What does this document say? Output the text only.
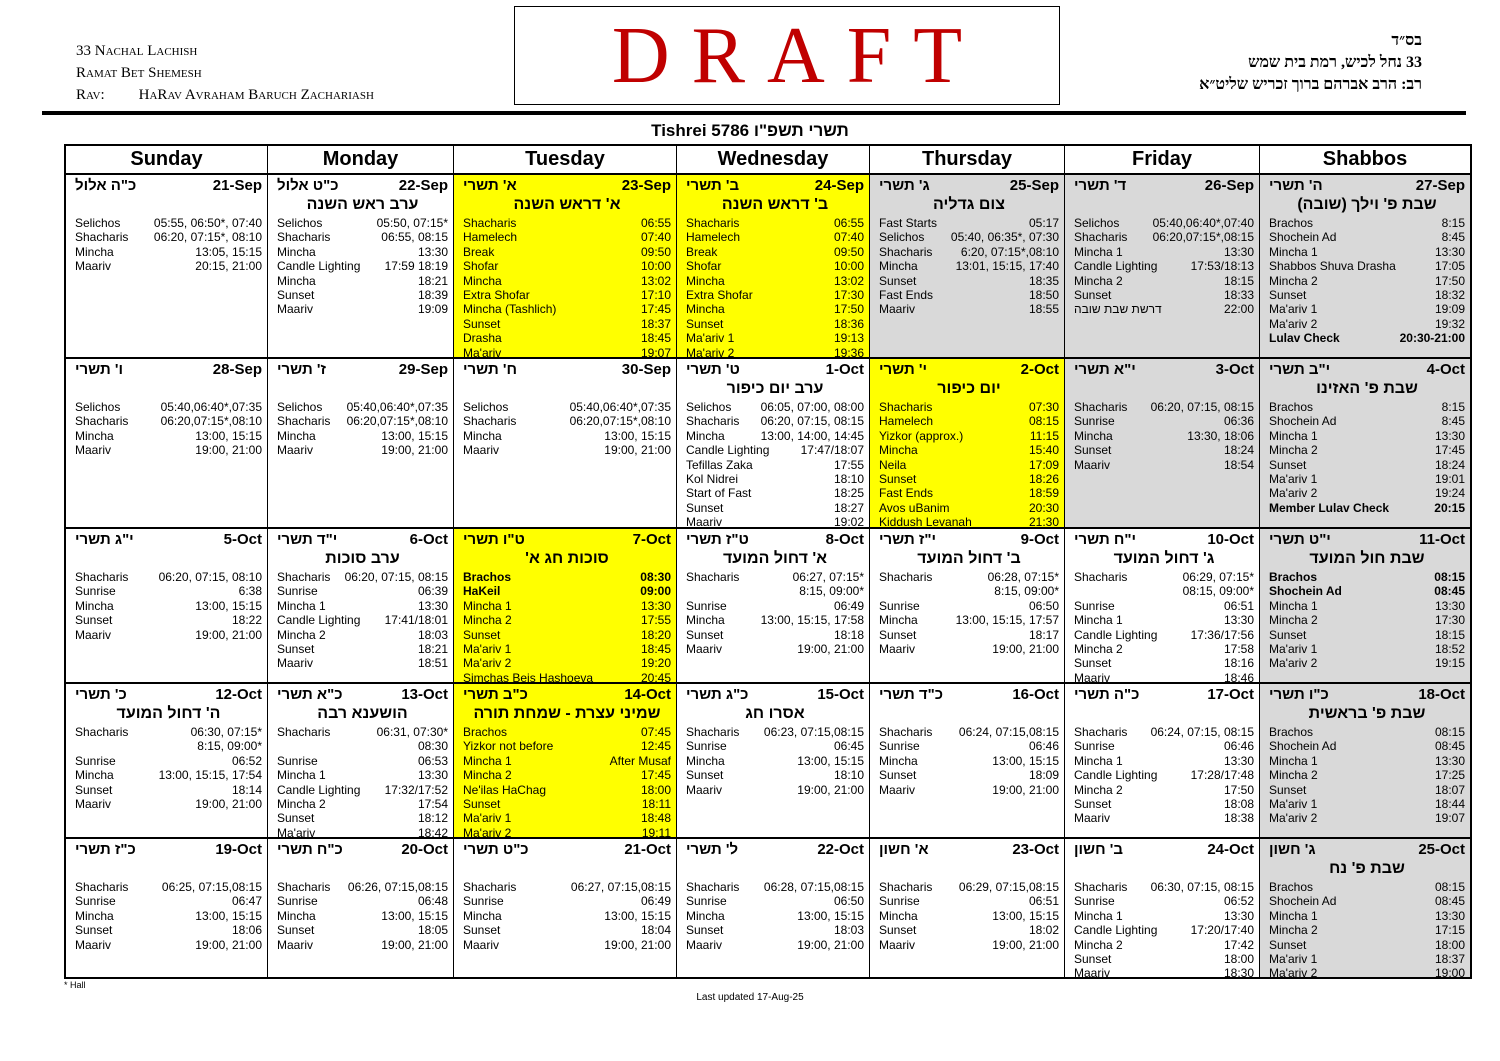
33 Nachal Lachish
Ramat Bet Shemesh
Rav: HaRav Avraham Baruch Zachariash	DRAFT	בס״ד
33 נחל לכיש, רמת בית שמש
רב: הרב אברהם ברוך זכריש שליט״א
Tishrei 5786 תשרי תשפ"ו
Sunday	Monday	Tuesday	Wednesday	Thursday	Friday	Shabbos
כ"ה אלול	21-Sep
Selichos	05:55, 06:50*, 07:40
Shacharis 06:20, 07:15*, 08:10
Mincha	13:05, 15:15
Maariv	20:15, 21:00
כ"ט אלול	22-Sep
ערב ראש השנה
Selichos	05:50, 07:15*
Shacharis	06:55, 08:15
Mincha	13:30
Candle Lighting 17:59 18:19
Mincha	18:21
Sunset	18:39
Maariv	19:09
א' תשרי	23-Sep
א' דראש השנה
Shacharis	06:55
Hamelech	07:40
Break	09:50
Shofar	10:00
Mincha	13:02
Extra Shofar	17:10
Mincha (Tashlich)	17:45
Sunset	18:37
Drasha	18:45
Ma'ariv	19:07
ב' תשרי	24-Sep
ב' דראש השנה
Shacharis	06:55
Hamelech	07:40
Break	09:50
Shofar	10:00
Mincha	13:02
Extra Shofar	17:30
Mincha	17:50
Sunset	18:36
Ma'ariv 1	19:13
Ma'ariv 2	19:36
ג' תשרי	25-Sep
צום גדליה
Fast Starts	05:17
Selichos 05:40, 06:35*, 07:30
Shacharis 6:20, 07:15*,08:10
Mincha	13:01, 15:15, 17:40
Sunset	18:35
Fast Ends	18:50
Maariv	18:55
ד' תשרי	26-Sep
Selichos	05:40,06:40*,07:40
Shacharis 06:20,07:15*,08:15
Mincha 1	13:30
Candle Lighting	17:53/18:13
Mincha 2	18:15
Sunset	18:33
דרשת שבת שובה	22:00
ה' תשרי	27-Sep
שבת פ' וילך (שובה)
Brachos	8:15
Shochein Ad	8:45
Mincha 1	13:30
Shabbos Shuva Drasha	17:05
Mincha 2	17:50
Sunset	18:32
Ma'ariv 1	19:09
Ma'ariv 2	19:32
Lulav Check	20:30-21:00
ו' תשרי	28-Sep
Selichos	05:40,06:40*,07:35
Shacharis	06:20,07:15*,08:10
Mincha	13:00, 15:15
Maariv	19:00, 21:00
ז' תשרי	29-Sep
Selichos 05:40,06:40*,07:35
Shacharis 06:20,07:15*,08:10
Mincha	13:00, 15:15
Maariv	19:00, 21:00
ח' תשרי	30-Sep
Selichos	05:40,06:40*,07:35
Shacharis	06:20,07:15*,08:10
Mincha	13:00, 15:15
Maariv	19:00, 21:00
ט' תשרי	1-Oct
ערב יום כיפור
Selichos 06:05, 07:00, 08:00
Shacharis 06:20, 07:15, 08:15
Mincha	13:00, 14:00, 14:45
Candle Lighting	17:47/18:07
Tefillas Zaka	17:55
Kol Nidrei	18:10
Start of Fast	18:25
Sunset	18:27
Maariv	19:02
י' תשרי	2-Oct
יום כיפור
Shacharis	07:30
Hamelech	08:15
Yizkor (approx.)	11:15
Mincha	15:40
Neila	17:09
Sunset	18:26
Fast Ends	18:59
Avos uBanim	20:30
Kiddush Levanah	21:30
י"א תשרי	3-Oct
Shacharis 06:20, 07:15, 08:15
Sunrise	06:36
Mincha	13:30, 18:06
Sunset	18:24
Maariv	18:54
י"ב תשרי	4-Oct
שבת פ' האזינו
Brachos	8:15
Shochein Ad	8:45
Mincha 1	13:30
Mincha 2	17:45
Sunset	18:24
Ma'ariv 1	19:01
Ma'ariv 2	19:24
Member Lulav Check	20:15
י"ג תשרי	5-Oct
Shacharis	06:20, 07:15, 08:10
Sunrise	6:38
Mincha	13:00, 15:15
Sunset	18:22
Maariv	19:00, 21:00
י"ד תשרי	6-Oct
ערב סוכות
Shacharis 06:20, 07:15, 08:15
Sunrise	06:39
Mincha 1	13:30
Candle Lighting 17:41/18:01
Mincha 2	18:03
Sunset	18:21
Maariv	18:51
ט"ו תשרי	7-Oct
סוכות חג א'
Brachos	08:30
HaKeil	09:00
Mincha 1	13:30
Mincha 2	17:55
Sunset	18:20
Ma'ariv 1	18:45
Ma'ariv 2	19:20
Simchas Beis Hashoeva	20:45
ט"ז תשרי	8-Oct
א' דחול המועד
Shacharis	06:27, 07:15*
8:15, 09:00*
Sunrise	06:49
Mincha	13:00, 15:15, 17:58
Sunset	18:18
Maariv	19:00, 21:00
י"ז תשרי	9-Oct
ב' דחול המועד
Shacharis	06:28, 07:15*
8:15, 09:00*
Sunrise	06:50
Mincha	13:00, 15:15, 17:57
Sunset	18:17
Maariv	19:00, 21:00
י"ח תשרי	10-Oct
ג' דחול המועד
Shacharis	06:29, 07:15*
08:15, 09:00*
Sunrise	06:51
Mincha 1	13:30
Candle Lighting	17:36/17:56
Mincha 2	17:58
Sunset	18:16
Maariv	18:46
י"ט תשרי	11-Oct
שבת חול המועד
Brachos	08:15
Shochein Ad	08:45
Mincha 1	13:30
Mincha 2	17:30
Sunset	18:15
Ma'ariv 1	18:52
Ma'ariv 2	19:15
כ' תשרי	12-Oct
ה' דחול המועד
Shacharis	06:30, 07:15*
8:15, 09:00*
Sunrise	06:52
Mincha	13:00, 15:15, 17:54
Sunset	18:14
Maariv	19:00, 21:00
כ"א תשרי	13-Oct
הושענא רבה
Shacharis	06:31, 07:30*
08:30
Sunrise	06:53
Mincha 1	13:30
Candle Lighting 17:32/17:52
Mincha 2	17:54
Sunset	18:12
Ma'ariv	18:42
כ"ב תשרי	14-Oct
שמיני עצרת - שמחת תורה
Brachos	07:45
Yizkor not before	12:45
Mincha 1	After Musaf
Mincha 2	17:45
Ne'ilas HaChag	18:00
Sunset	18:11
Ma'ariv 1	18:48
Ma'ariv 2	19:11
כ"ג תשרי	15-Oct
אסרו חג
Shacharis 06:23, 07:15,08:15
Sunrise	06:45
Mincha	13:00, 15:15
Sunset	18:10
Maariv	19:00, 21:00
כ"ד תשרי	16-Oct
Shacharis 06:24, 07:15,08:15
Sunrise	06:46
Mincha	13:00, 15:15
Sunset	18:09
Maariv	19:00, 21:00
כ"ה תשרי	17-Oct
Shacharis 06:24, 07:15, 08:15
Sunrise	06:46
Mincha 1	13:30
Candle Lighting	17:28/17:48
Mincha 2	17:50
Sunset	18:08
Maariv	18:38
כ"ו תשרי	18-Oct
שבת פ' בראשית
Brachos	08:15
Shochein Ad	08:45
Mincha 1	13:30
Mincha 2	17:25
Sunset	18:07
Ma'ariv 1	18:44
Ma'ariv 2	19:07
כ"ז תשרי	19-Oct
Shacharis	06:25, 07:15,08:15
Sunrise	06:47
Mincha	13:00, 15:15
Sunset	18:06
Maariv	19:00, 21:00
כ"ח תשרי	20-Oct
Shacharis 06:26, 07:15,08:15
Sunrise	06:48
Mincha	13:00, 15:15
Sunset	18:05
Maariv	19:00, 21:00
כ"ט תשרי	21-Oct
Shacharis	06:27, 07:15,08:15
Sunrise	06:49
Mincha	13:00, 15:15
Sunset	18:04
Maariv	19:00, 21:00
ל' תשרי	22-Oct
Shacharis 06:28, 07:15,08:15
Sunrise	06:50
Mincha	13:00, 15:15
Sunset	18:03
Maariv	19:00, 21:00
א' חשון	23-Oct
Shacharis 06:29, 07:15,08:15
Sunrise	06:51
Mincha	13:00, 15:15
Sunset	18:02
Maariv	19:00, 21:00
ב' חשון	24-Oct
Shacharis 06:30, 07:15, 08:15
Sunrise	06:52
Mincha 1	13:30
Candle Lighting	17:20/17:40
Mincha 2	17:42
Sunset	18:00
Maariv	18:30
ג' חשון	25-Oct
שבת פ' נח
Brachos	08:15
Shochein Ad	08:45
Mincha 1	13:30
Mincha 2	17:15
Sunset	18:00
Ma'ariv 1	18:37
Ma'ariv 2	19:00
* Hall
Last updated 17-Aug-25
